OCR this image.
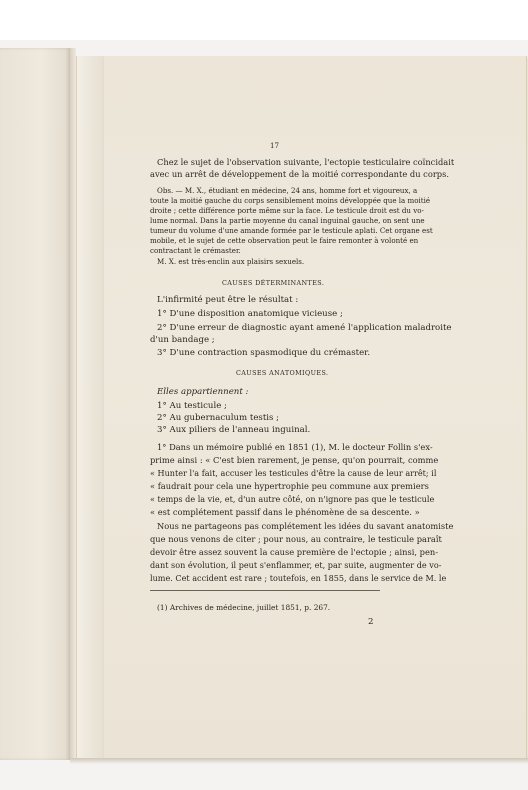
17
Chez le sujet de l'observation suivante, l'ectopie testiculaire coïncidait
avec un arrêt de développement de la moitié correspondante du corps.
Obs. — M. X., étudiant en médecine, 24 ans, homme fort et vigoureux, a
toute la moitié gauche du corps sensiblement moins développée que la moitié
droite ; cette différence porte même sur la face. Le testicule droit est du vo-
lume normal. Dans la partie moyenne du canal inguinal gauche, on sent une
tumeur du volume d'une amande formée par le testicule aplati. Cet organe est
mobile, et le sujet de cette observation peut le faire remonter à volonté en
contractant le crémaster.
M. X. est très-enclin aux plaisirs sexuels.
CAUSES DÉTERMINANTES.
L'infirmité peut être le résultat :
1° D'une disposition anatomique vicieuse ;
2° D'une erreur de diagnostic ayant amené l'application maladroite
d'un bandage ;
3° D'une contraction spasmodique du crémaster.
CAUSES ANATOMIQUES.
Elles appartiennent :
1° Au testicule ;
2° Au gubernaculum testis ;
3° Aux piliers de l'anneau inguinal.
1° Dans un mémoire publié en 1851 (1), M. le docteur Follin s'ex-
prime ainsi : « C'est bien rarement, je pense, qu'on pourrait, comme
« Hunter l'a fait, accuser les testicules d'être la cause de leur arrêt; il
« faudrait pour cela une hypertrophie peu commune aux premiers
« temps de la vie, et, d'un autre côté, on n'ignore pas que le testicule
« est complétement passif dans le phénomène de sa descente. »
Nous ne partageons pas complétement les idées du savant anatomiste
que nous venons de citer ; pour nous, au contraire, le testicule paraît
devoir être assez souvent la cause première de l'ectopie ; ainsi, pen-
dant son évolution, il peut s'enflammer, et, par suite, augmenter de vo-
lume. Cet accident est rare ; toutefois, en 1855, dans le service de M. le
(1) Archives de médecine, juillet 1851, p. 267.
2
